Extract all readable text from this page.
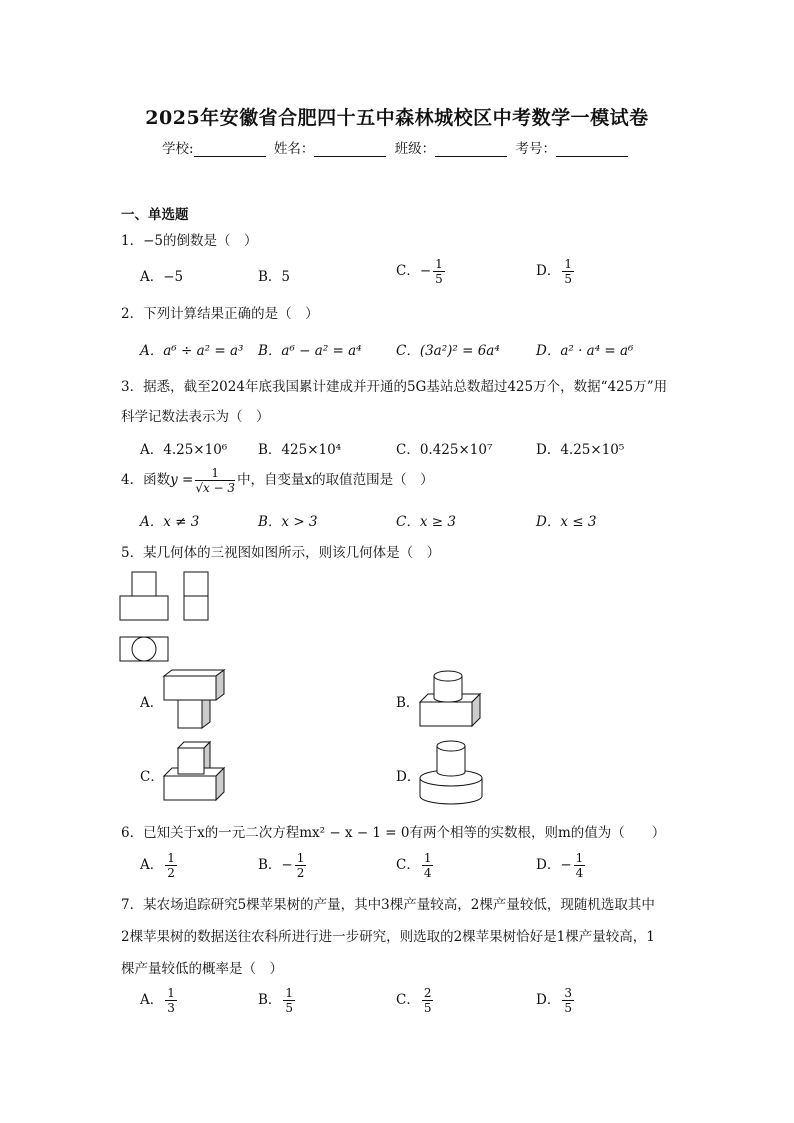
2025年安徽省合肥四十五中森林城校区中考数学一模试卷
学校:	姓名：	班级：	考号：
一、单选题
1．−5的倒数是（　）
A．−5	B．5	C．− $\frac{1}{5}$	D． $\frac{1}{5}$
2．下列计算结果正确的是（　）
A．a⁶ ÷ a² = a³ B．a⁶ − a² = a⁴	C．(3a²)² = 6a⁴	D．a² · a⁴ = a⁶
3．据悉，截至2024年底我国累计建成并开通的5G基站总数超过425万个，数据“425万”用
科学记数法表示为（　）
A．4.25×10⁶ B．425×10⁴	C．0.425×10⁷	D．4.25×10⁵
4．函数$y = \frac{1}{√x - 3}$ 中，自变量x的取值范围是（　）
A．x ≠ 3	B．x > 3	C．x ≥ 3	D．x ≤ 3
5．某几何体的三视图如图所示，则该几何体是（　）
A．	B．
C．	D．
6．已知关于x的一元二次方程mx² − x − 1 = 0有两个相等的实数根，则m的值为（　　）
A． $\frac{1}{2}$	B．− $\frac{1}{2}$	C． $\frac{1}{4}$	D．− $\frac{1}{4}$
7．某农场追踪研究5棵苹果树的产量，其中3棵产量较高，2棵产量较低，现随机选取其中
2棵苹果树的数据送往农科所进行进一步研究，则选取的2棵苹果树恰好是1棵产量较高，1
棵产量较低的概率是（　）
A． $\frac{1}{3}$	B． $\frac{1}{5}$	C． $\frac{2}{5}$	D． $\frac{3}{5}$
